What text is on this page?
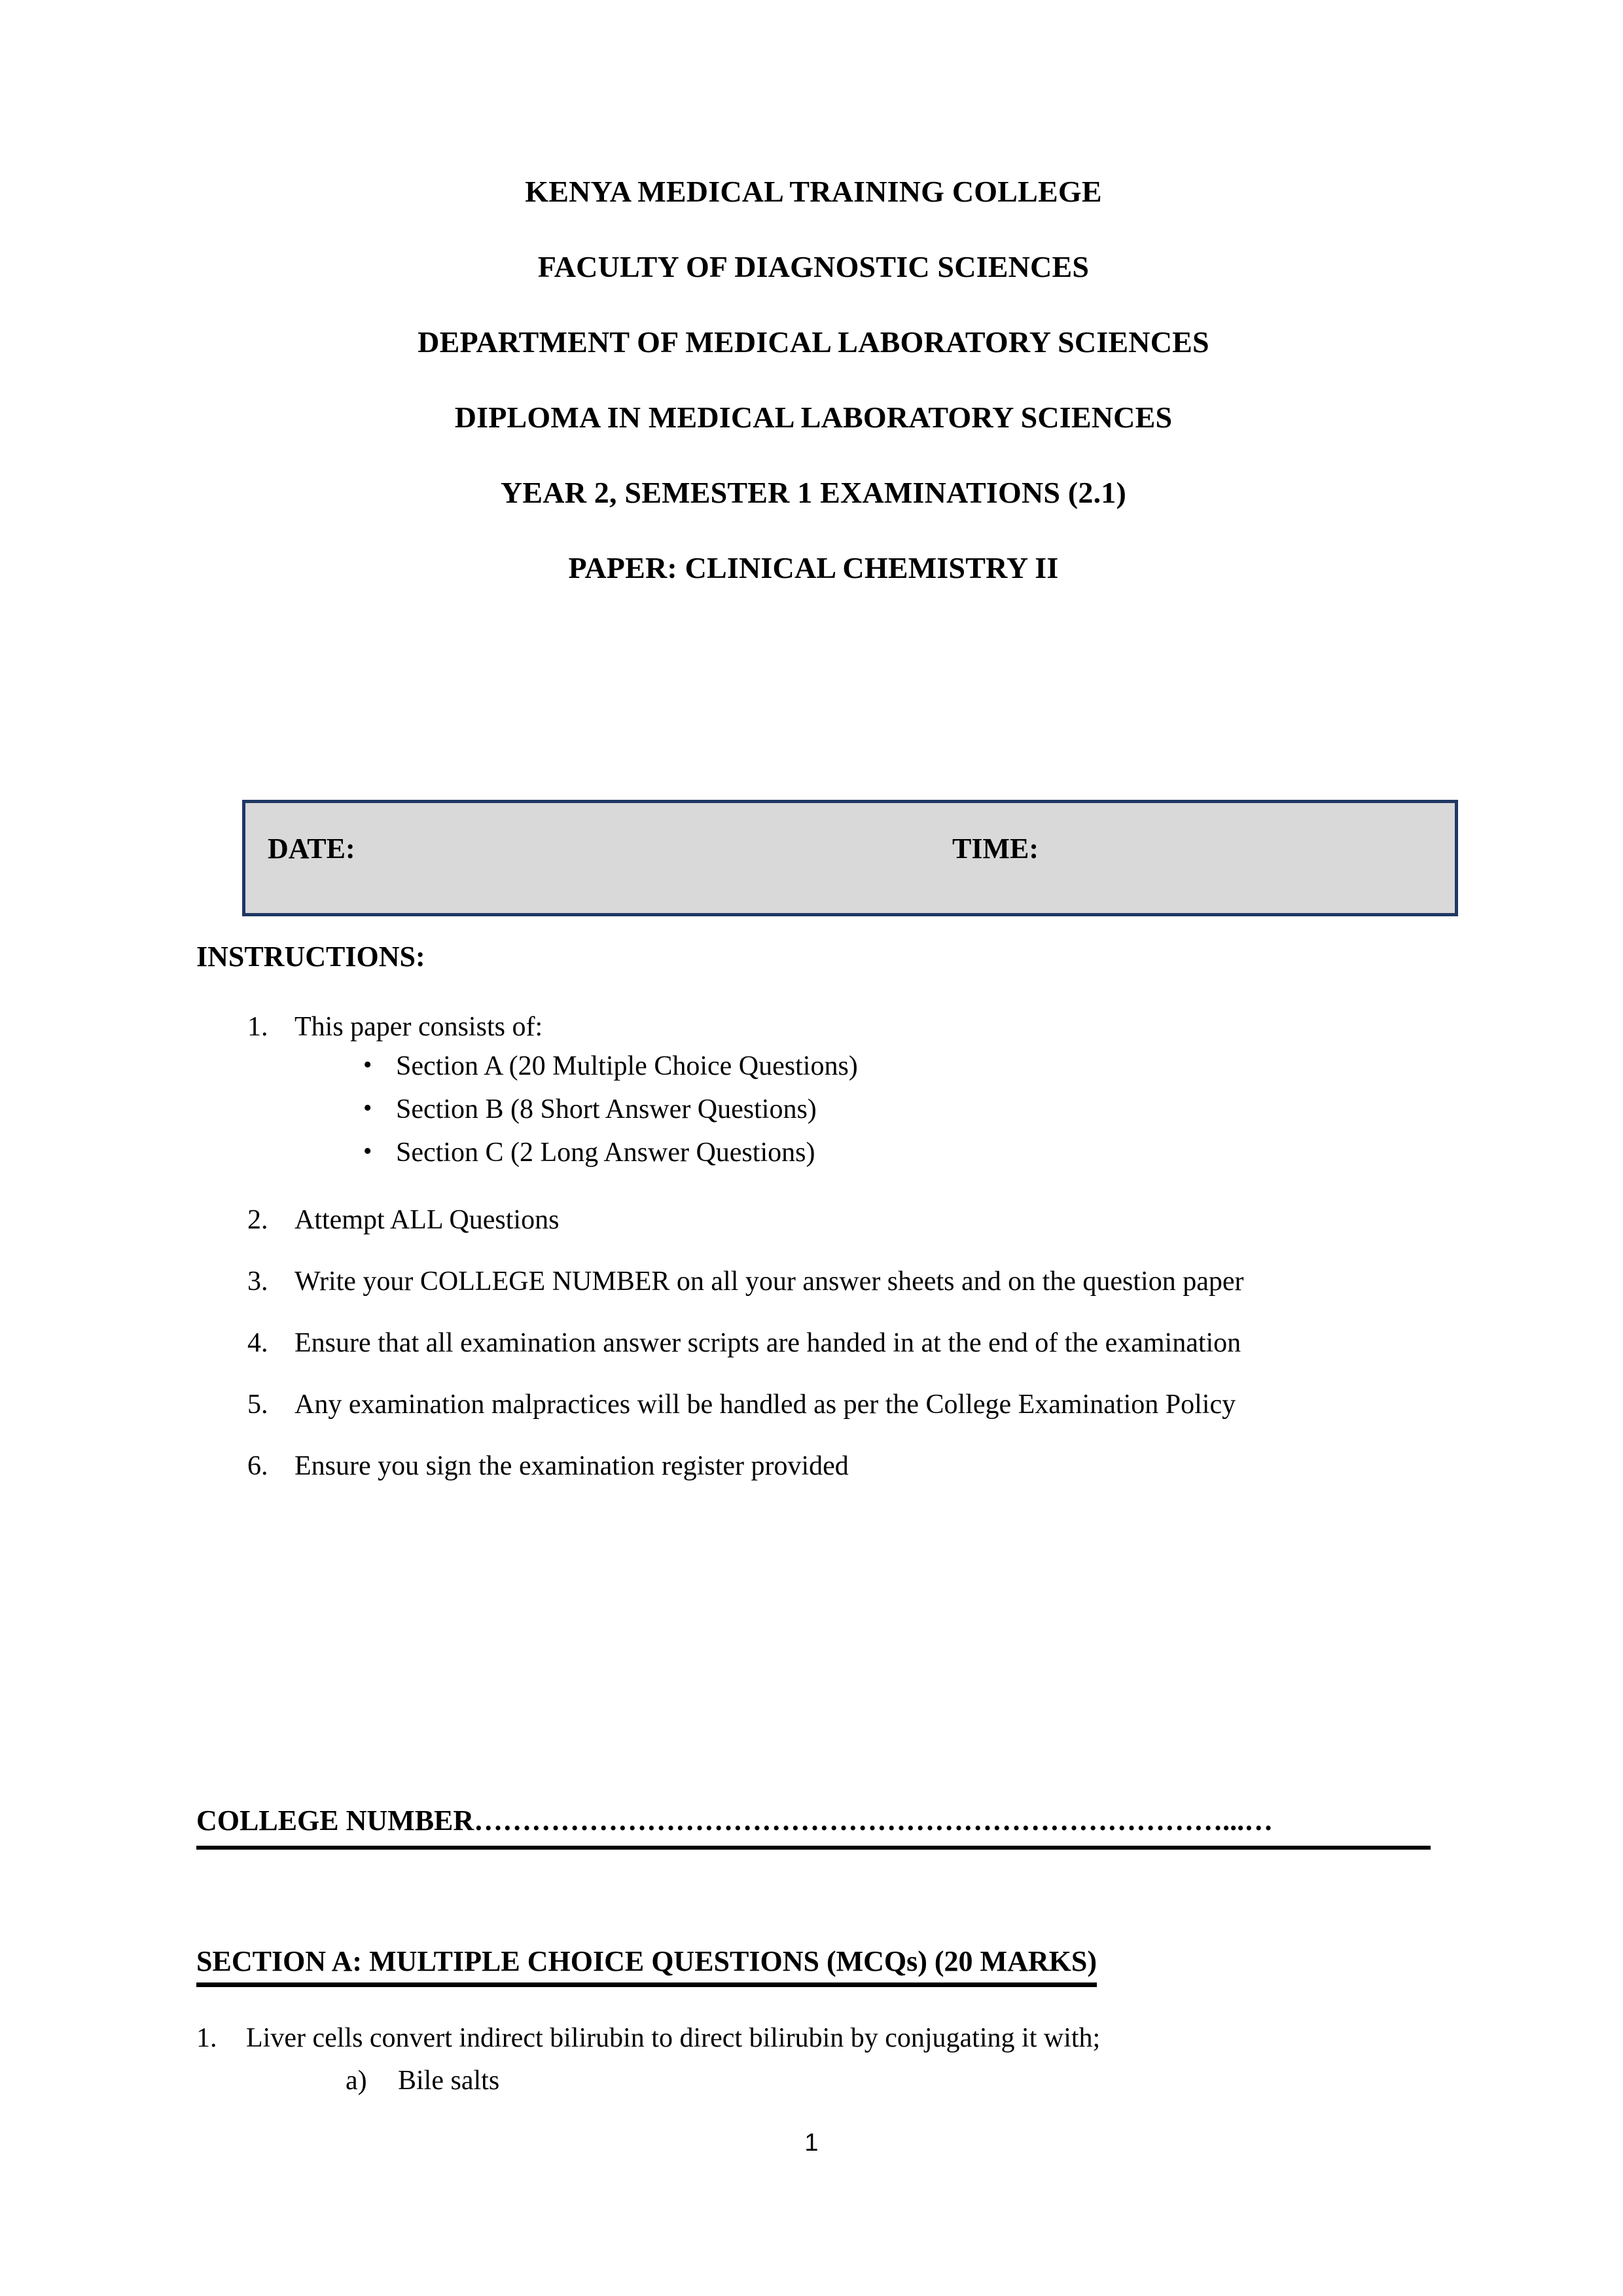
KENYA MEDICAL TRAINING COLLEGE
FACULTY OF DIAGNOSTIC SCIENCES
DEPARTMENT OF MEDICAL LABORATORY SCIENCES
DIPLOMA IN MEDICAL LABORATORY SCIENCES
YEAR 2, SEMESTER 1 EXAMINATIONS (2.1)
PAPER: CLINICAL CHEMISTRY II
DATE:	TIME:
INSTRUCTIONS:
1. This paper consists of:
• Section A (20 Multiple Choice Questions)
• Section B (8 Short Answer Questions)
• Section C (2 Long Answer Questions)
2. Attempt ALL Questions
3. Write your COLLEGE NUMBER on all your answer sheets and on the question paper
4. Ensure that all examination answer scripts are handed in at the end of the examination
5. Any examination malpractices will be handled as per the College Examination Policy
6. Ensure you sign the examination register provided
COLLEGE NUMBER……………………………………………………………………...…
SECTION A: MULTIPLE CHOICE QUESTIONS (MCQs) (20 MARKS)
1. Liver cells convert indirect bilirubin to direct bilirubin by conjugating it with;
a) Bile salts
1
